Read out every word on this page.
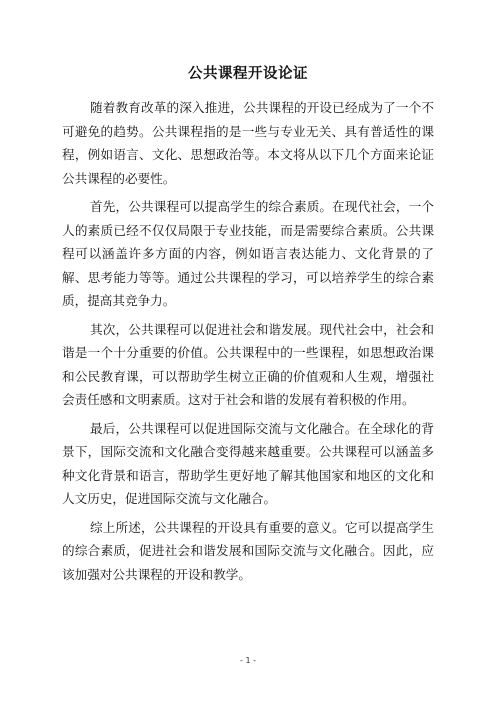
公共课程开设论证

随着教育改革的深入推进，公共课程的开设已经成为了一个不可避免的趋势。公共课程指的是一些与专业无关、具有普适性的课程，例如语言、文化、思想政治等。本文将从以下几个方面来论证公共课程的必要性。

首先，公共课程可以提高学生的综合素质。在现代社会，一个人的素质已经不仅仅局限于专业技能，而是需要综合素质。公共课程可以涵盖许多方面的内容，例如语言表达能力、文化背景的了解、思考能力等等。通过公共课程的学习，可以培养学生的综合素质，提高其竞争力。

其次，公共课程可以促进社会和谐发展。现代社会中，社会和谐是一个十分重要的价值。公共课程中的一些课程，如思想政治课和公民教育课，可以帮助学生树立正确的价值观和人生观，增强社会责任感和文明素质。这对于社会和谐的发展有着积极的作用。

最后，公共课程可以促进国际交流与文化融合。在全球化的背景下，国际交流和文化融合变得越来越重要。公共课程可以涵盖多种文化背景和语言，帮助学生更好地了解其他国家和地区的文化和人文历史，促进国际交流与文化融合。

综上所述，公共课程的开设具有重要的意义。它可以提高学生的综合素质，促进社会和谐发展和国际交流与文化融合。因此，应该加强对公共课程的开设和教学。

- 1 -
